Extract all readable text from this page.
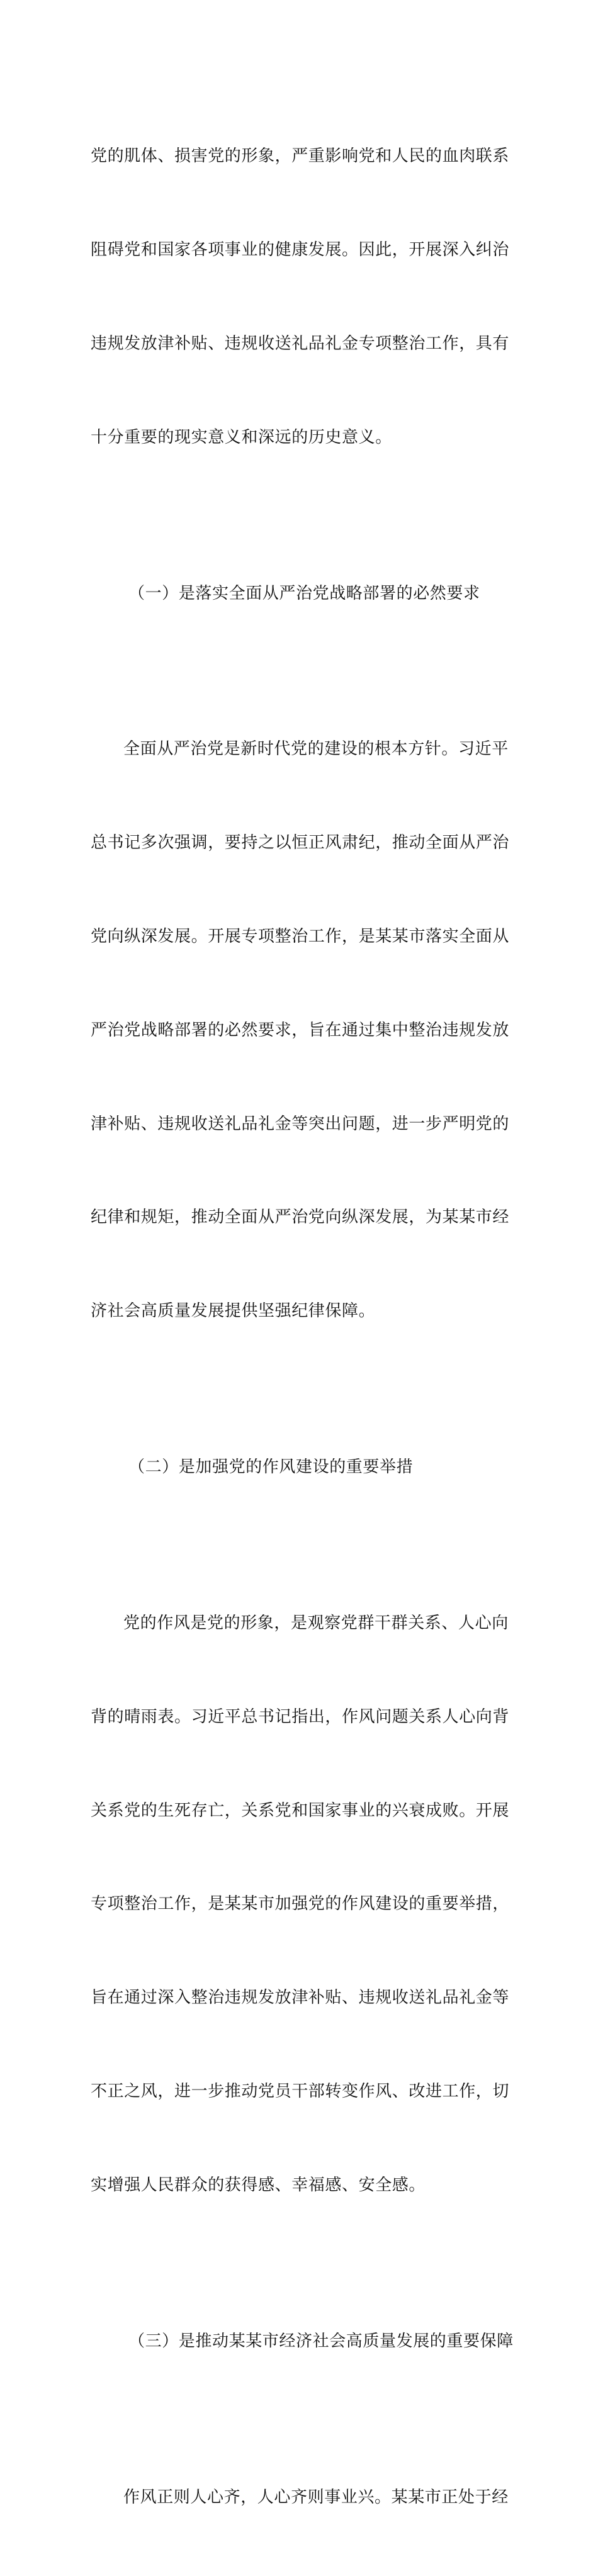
党的肌体、损害党的形象，严重影响党和人民的血肉联系

阻碍党和国家各项事业的健康发展。因此，开展深入纠治

违规发放津补贴、违规收送礼品礼金专项整治工作，具有

十分重要的现实意义和深远的历史意义。

（一）是落实全面从严治党战略部署的必然要求

全面从严治党是新时代党的建设的根本方针。习近平

总书记多次强调，要持之以恒正风肃纪，推动全面从严治

党向纵深发展。开展专项整治工作，是某某市落实全面从

严治党战略部署的必然要求，旨在通过集中整治违规发放

津补贴、违规收送礼品礼金等突出问题，进一步严明党的

纪律和规矩，推动全面从严治党向纵深发展，为某某市经

济社会高质量发展提供坚强纪律保障。

（二）是加强党的作风建设的重要举措

党的作风是党的形象，是观察党群干群关系、人心向

背的晴雨表。习近平总书记指出，作风问题关系人心向背

关系党的生死存亡，关系党和国家事业的兴衰成败。开展

专项整治工作，是某某市加强党的作风建设的重要举措，

旨在通过深入整治违规发放津补贴、违规收送礼品礼金等

不正之风，进一步推动党员干部转变作风、改进工作，切

实增强人民群众的获得感、幸福感、安全感。

（三）是推动某某市经济社会高质量发展的重要保障

作风正则人心齐，人心齐则事业兴。某某市正处于经
